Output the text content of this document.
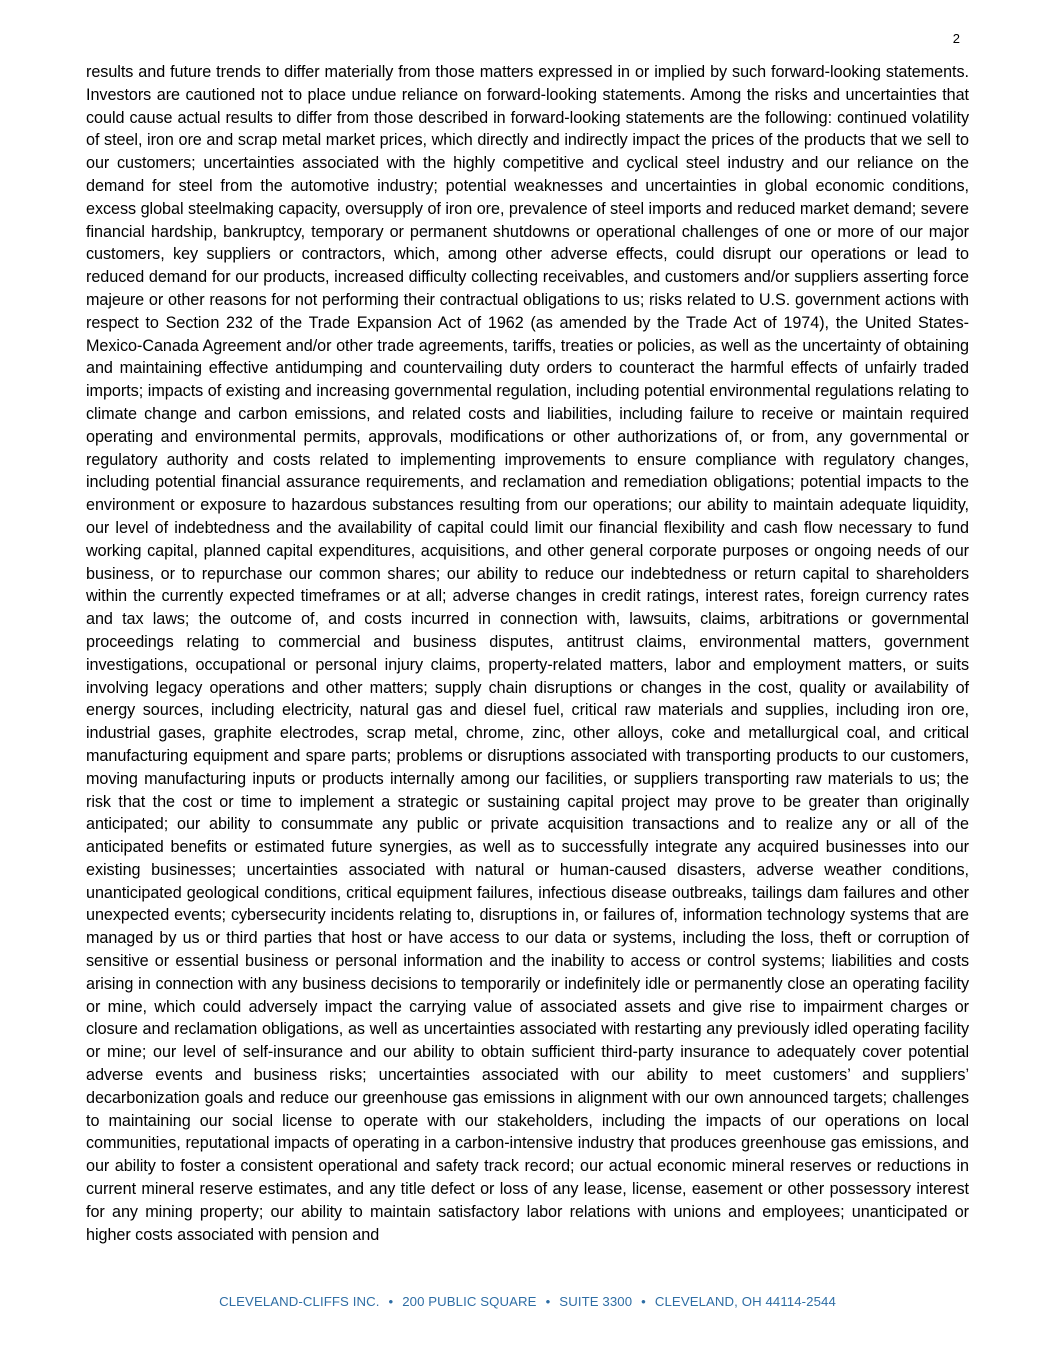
2

results and future trends to differ materially from those matters expressed in or implied by such forward-looking statements. Investors are cautioned not to place undue reliance on forward-looking statements. Among the risks and uncertainties that could cause actual results to differ from those described in forward-looking statements are the following: continued volatility of steel, iron ore and scrap metal market prices, which directly and indirectly impact the prices of the products that we sell to our customers; uncertainties associated with the highly competitive and cyclical steel industry and our reliance on the demand for steel from the automotive industry; potential weaknesses and uncertainties in global economic conditions, excess global steelmaking capacity, oversupply of iron ore, prevalence of steel imports and reduced market demand; severe financial hardship, bankruptcy, temporary or permanent shutdowns or operational challenges of one or more of our major customers, key suppliers or contractors, which, among other adverse effects, could disrupt our operations or lead to reduced demand for our products, increased difficulty collecting receivables, and customers and/or suppliers asserting force majeure or other reasons for not performing their contractual obligations to us; risks related to U.S. government actions with respect to Section 232 of the Trade Expansion Act of 1962 (as amended by the Trade Act of 1974), the United States-Mexico-Canada Agreement and/or other trade agreements, tariffs, treaties or policies, as well as the uncertainty of obtaining and maintaining effective antidumping and countervailing duty orders to counteract the harmful effects of unfairly traded imports; impacts of existing and increasing governmental regulation, including potential environmental regulations relating to climate change and carbon emissions, and related costs and liabilities, including failure to receive or maintain required operating and environmental permits, approvals, modifications or other authorizations of, or from, any governmental or regulatory authority and costs related to implementing improvements to ensure compliance with regulatory changes, including potential financial assurance requirements, and reclamation and remediation obligations; potential impacts to the environment or exposure to hazardous substances resulting from our operations; our ability to maintain adequate liquidity, our level of indebtedness and the availability of capital could limit our financial flexibility and cash flow necessary to fund working capital, planned capital expenditures, acquisitions, and other general corporate purposes or ongoing needs of our business, or to repurchase our common shares; our ability to reduce our indebtedness or return capital to shareholders within the currently expected timeframes or at all; adverse changes in credit ratings, interest rates, foreign currency rates and tax laws; the outcome of, and costs incurred in connection with, lawsuits, claims, arbitrations or governmental proceedings relating to commercial and business disputes, antitrust claims, environmental matters, government investigations, occupational or personal injury claims, property-related matters, labor and employment matters, or suits involving legacy operations and other matters; supply chain disruptions or changes in the cost, quality or availability of energy sources, including electricity, natural gas and diesel fuel, critical raw materials and supplies, including iron ore, industrial gases, graphite electrodes, scrap metal, chrome, zinc, other alloys, coke and metallurgical coal, and critical manufacturing equipment and spare parts; problems or disruptions associated with transporting products to our customers, moving manufacturing inputs or products internally among our facilities, or suppliers transporting raw materials to us; the risk that the cost or time to implement a strategic or sustaining capital project may prove to be greater than originally anticipated; our ability to consummate any public or private acquisition transactions and to realize any or all of the anticipated benefits or estimated future synergies, as well as to successfully integrate any acquired businesses into our existing businesses; uncertainties associated with natural or human-caused disasters, adverse weather conditions, unanticipated geological conditions, critical equipment failures, infectious disease outbreaks, tailings dam failures and other unexpected events; cybersecurity incidents relating to, disruptions in, or failures of, information technology systems that are managed by us or third parties that host or have access to our data or systems, including the loss, theft or corruption of sensitive or essential business or personal information and the inability to access or control systems; liabilities and costs arising in connection with any business decisions to temporarily or indefinitely idle or permanently close an operating facility or mine, which could adversely impact the carrying value of associated assets and give rise to impairment charges or closure and reclamation obligations, as well as uncertainties associated with restarting any previously idled operating facility or mine; our level of self-insurance and our ability to obtain sufficient third-party insurance to adequately cover potential adverse events and business risks; uncertainties associated with our ability to meet customers’ and suppliers’ decarbonization goals and reduce our greenhouse gas emissions in alignment with our own announced targets; challenges to maintaining our social license to operate with our stakeholders, including the impacts of our operations on local communities, reputational impacts of operating in a carbon-intensive industry that produces greenhouse gas emissions, and our ability to foster a consistent operational and safety track record; our actual economic mineral reserves or reductions in current mineral reserve estimates, and any title defect or loss of any lease, license, easement or other possessory interest for any mining property; our ability to maintain satisfactory labor relations with unions and employees; unanticipated or higher costs associated with pension and

CLEVELAND-CLIFFS INC. • 200 PUBLIC SQUARE • SUITE 3300 • CLEVELAND, OH 44114-2544
